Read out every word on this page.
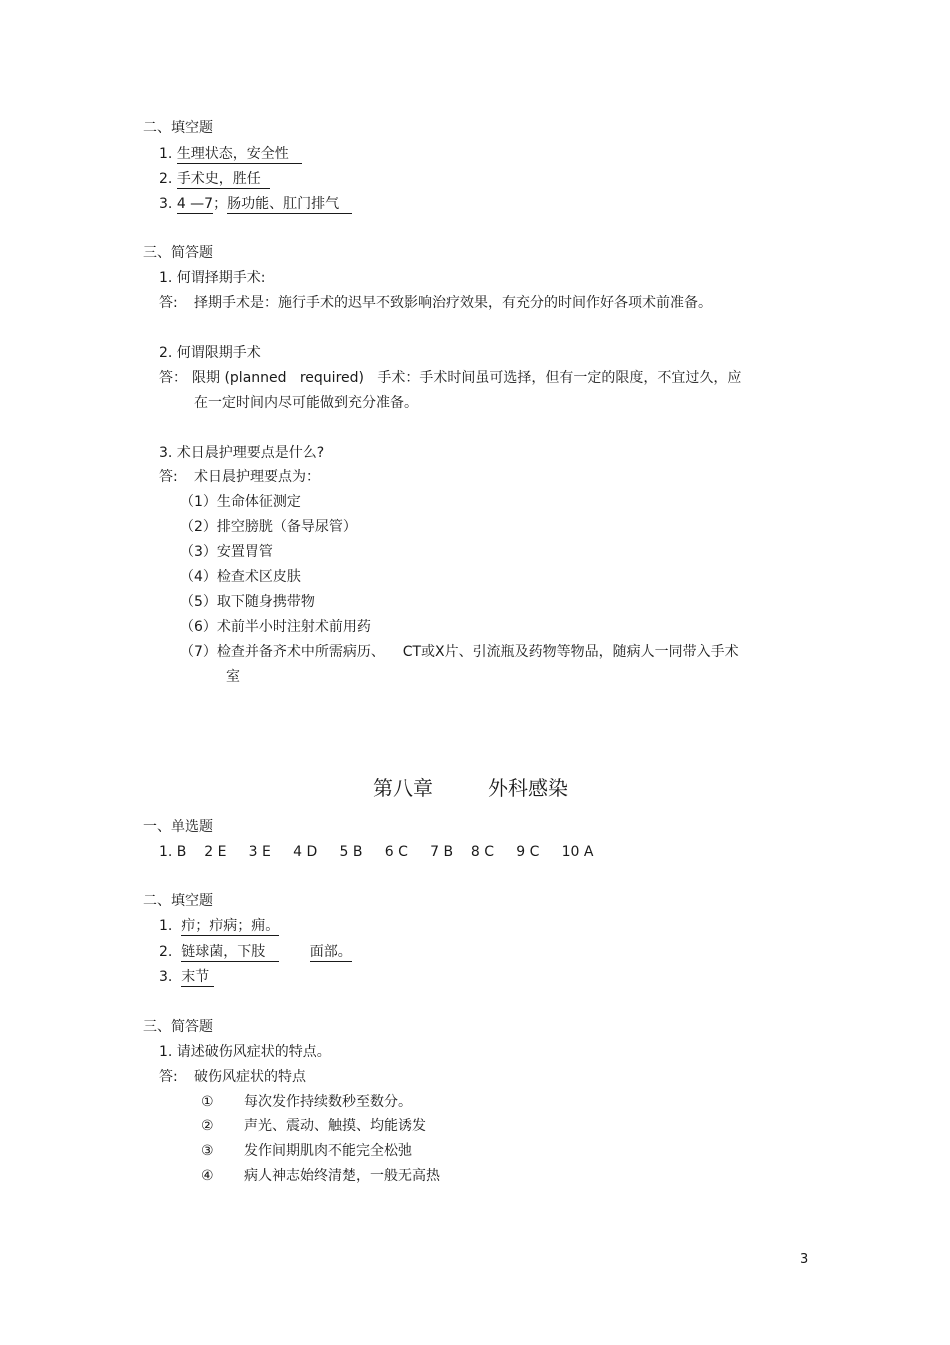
二、填空题
1. 生理状态，安全性
2. 手术史，胜任
3. 4 —7；肠功能、肛门排气
三、简答题
1. 何谓择期手术:
答: 择期手术是：施行手术的迟早不致影响治疗效果，有充分的时间作好各项术前准备。
2. 何谓限期手术
答： 限期 (planned   required)   手术：手术时间虽可选择，但有一定的限度，不宜过久，应
在一定时间内尽可能做到充分准备。
3. 术日晨护理要点是什么?
答: 术日晨护理要点为：
（1）生命体征测定
（2）排空膀胱（备导尿管）
（3）安置胃管
（4）检查术区皮肤
（5）取下随身携带物
（6）术前半小时注射术前用药
（7）检查并备齐术中所需病历、    CT或X片、引流瓶及药物等物品，随病人一同带入手术
室
第八章	外科感染
一、单选题
1. B    2 E     3 E     4 D     5 B     6 C     7 B    8 C     9 C     10 A
二、填空题
1. 疖；疖病；痈。
2. 链球菌，下肢	面部。
3. 末节
三、简答题
1. 请述破伤风症状的特点。
答: 破伤风症状的特点
① 每次发作持续数秒至数分。
② 声光、震动、触摸、均能诱发
③ 发作间期肌肉不能完全松弛
④ 病人神志始终清楚，一般无高热
3
